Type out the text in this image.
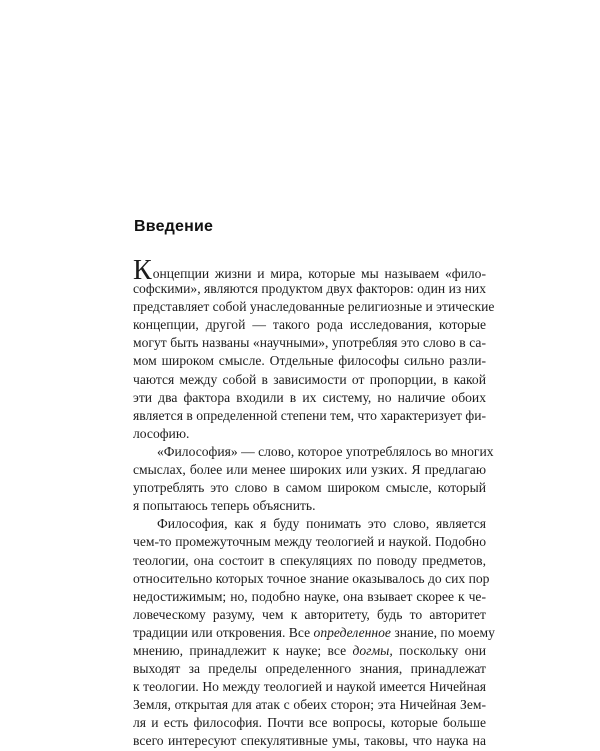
Введение
Концепции жизни и мира, которые мы называем «фило-
софскими», являются продуктом двух факторов: один из них
представляет собой унаследованные религиозные и этические
концепции, другой — такого рода исследования, которые
могут быть названы «научными», употребляя это слово в са-
мом широком смысле. Отдельные философы сильно разли-
чаются между собой в зависимости от пропорции, в какой
эти два фактора входили в их систему, но наличие обоих
является в определенной степени тем, что характеризует фи-
лософию.
«Философия» — слово, которое употреблялось во многих
смыслах, более или менее широких или узких. Я предлагаю
употреблять это слово в самом широком смысле, который
я попытаюсь теперь объяснить.
Философия, как я буду понимать это слово, является
чем-то промежуточным между теологией и наукой. Подобно
теологии, она состоит в спекуляциях по поводу предметов,
относительно которых точное знание оказывалось до сих пор
недостижимым; но, подобно науке, она взывает скорее к че-
ловеческому разуму, чем к авторитету, будь то авторитет
традиции или откровения. Все определенное знание, по моему
мнению, принадлежит к науке; все догмы, поскольку они
выходят за пределы определенного знания, принадлежат
к теологии. Но между теологией и наукой имеется Ничейная
Земля, открытая для атак с обеих сторон; эта Ничейная Зем-
ля и есть философия. Почти все вопросы, которые больше
всего интересуют спекулятивные умы, таковы, что наука на
